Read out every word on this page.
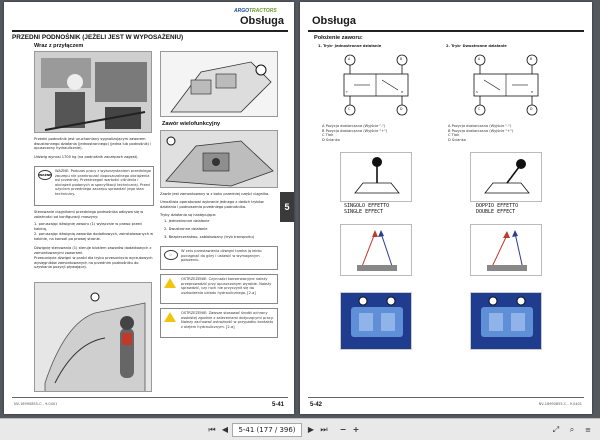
ARGOTRACTORS
Obsługa
PRZEDNI PODNOŚNIK (JEŻELI JEST W WYPOSAŻENIU)
Wraz z przyłączem
Przedni podnośnik jest uruchamiany sygnalizującym zaworem dwustronnego działania (jednostronnego) (jedna lub podnośnik) i opuszczony hydraulicznie).
Udźwig wynosi 1700 kg (na podnośnik zaczepach zagęst).
WAŻNE
WAŻNE: Podczas pracy z wykorzystaniem przedniego zaczepu nie przekraczać dopuszczalnego obciążenia osi przedniej. Przestrzegać wartości ciśnienia i obciążeń podanych w specyfikacji technicznej. Przed użyciem przedniego zaczepu sprawdzić jego stan techniczny.
Sterowanie ciągnikami przedniego podnośnika odbywa się w zależności od konfiguracji maszyny:
1. poruszając dźwignię zaworu (1) wyłącznie w prawo przed kabiną,
2. poruszając dźwignią zaworów dodatkowych, zainstalowanych w kabinie, na konsoli po prawej stronie.
Dźwignię sterowania (1) steruje blokiem zaworów dodatkowych z zamontowanymi zaworami.
Przesunięcie dźwigni w przód dla trybu przesunięcia wyrzutowych wysięgników zamontowanych na przednim podnośniku do uzyskania pozycji pływającej.
Zawór wielofunkcyjny
Zawór jest zamontowany w z boku przedniej części ciągnika.
Umożliwia operatorowi wybranie jednego z dwóch trybów działania i podnoszenia przedniego podnośnika.
Tryby działania są następujące:
1. Jednostronne działanie
2. Dwustronne działanie
3. Bezpieczeństwo, zablokowany (tryb transportu)
☞
W celu przestawienia dźwigni trzeba ją lekko pociągnąć do góry i ustawić w wymaganym położeniu.
OSTRZEŻENIE: Czynności konserwacyjne należy przeprowadzić przy opuszczonym wyrobie. Należy sprawdzić, czy ruch nie przyczynił się do uszkodzenia układu hydraulicznego. [2-a]
OSTRZEŻENIE: Zawsze stosować środki ochrony osobistej zgodnie z zaleceniami dotyczącymi pracy. Należy zachować ostrożność w przypadku kontaktu z olejem hydraulicznym. [2-a]
5
NV-16990855-C - 9.0401	5-41
Obsługa
Położenie zaworu:
1. Tryb- Jednostronne działanie	2. Tryb- Dwustronne działanie
A	B
C	D
T	H
A	B
C	D
S	H
A Pozycja dostarczana (Wyjście "-")
B Pozycja dostarczana (Wyjście "+")
C Tłok
D Ścianka
A Pozycja dostarczana (Wyjście "-")
B Pozycja dostarczana (Wyjście "+")
C Tłok
D Ścianka
SINGOLO EFFETTO
SINGLE EFFECT
DOPPIO EFFETTO
DOUBLE EFFECT
5-42	NV-16990855-C - 9.0401
⏮ ◀	5-41 (177 / 396)	▶ ⏭	− +	⤢	⌕	≡
